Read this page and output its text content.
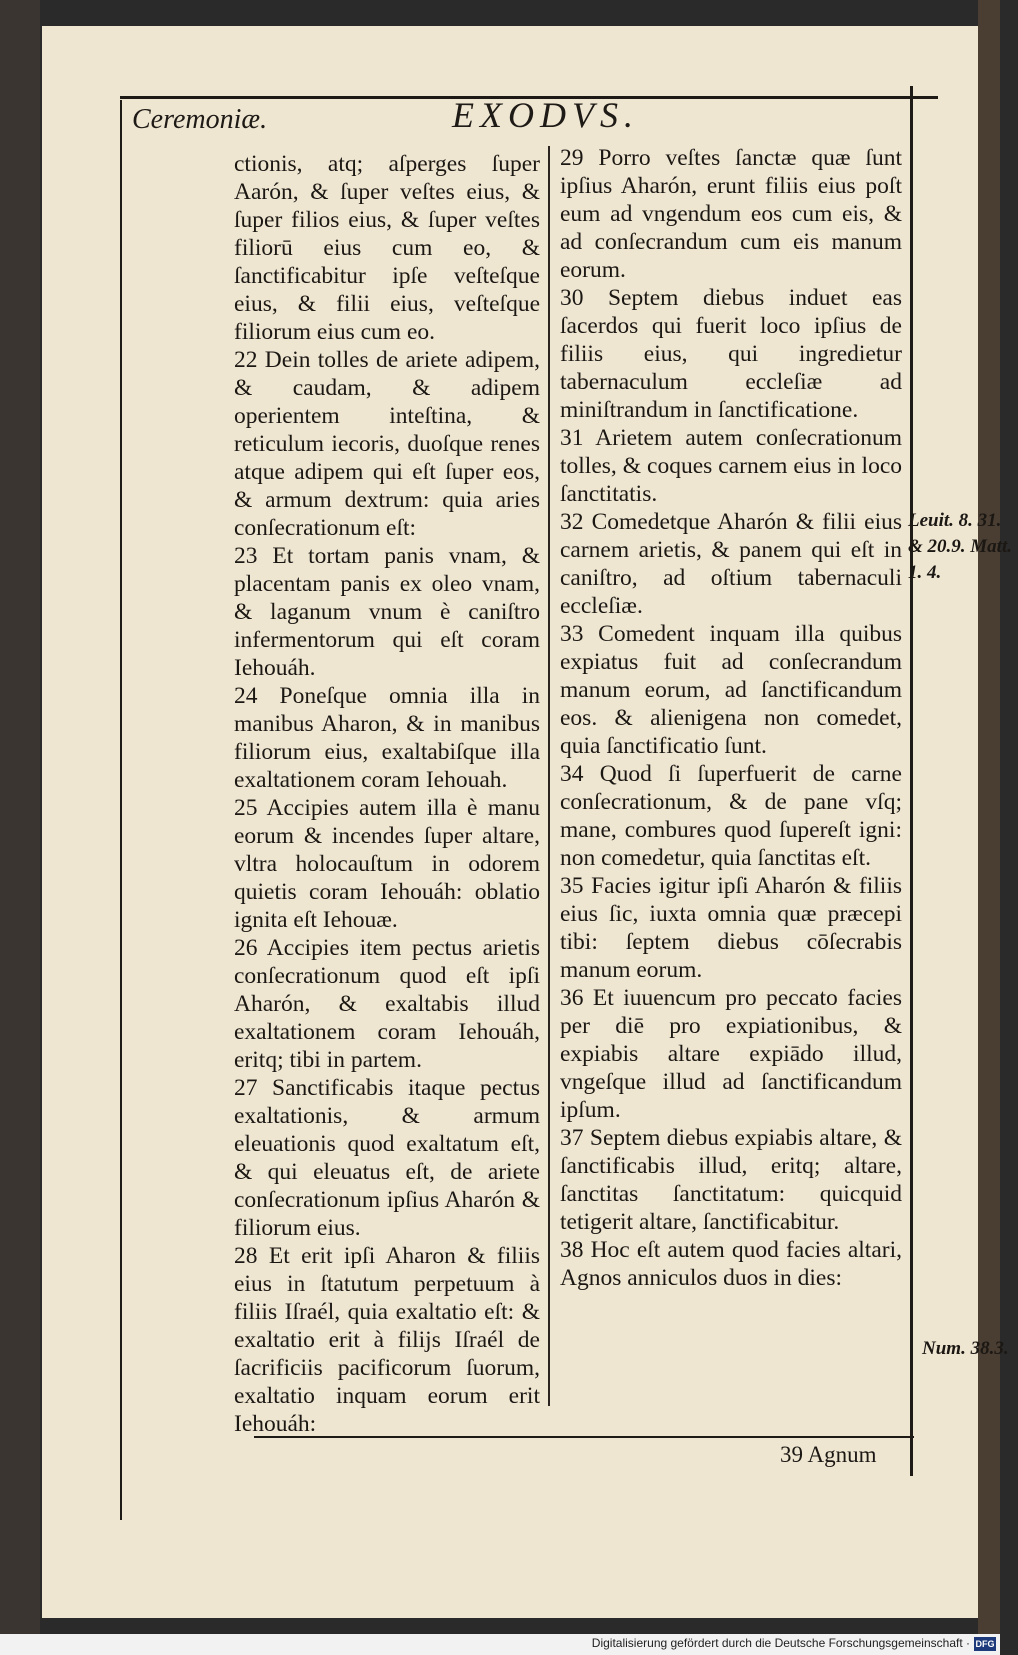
Ceremoniæ.	EXODVS.

ctionis, atq; aſperges ſuper Aarón, & ſuper veſtes eius, & ſuper filios eius, & ſuper veſtes filiorū eius cum eo, & ſanctificabitur ipſe veſteſque eius, & filii eius, veſteſque filiorum eius cum eo.

22 Dein tolles de ariete adipem, & caudam, & adipem operientem inteſtina, & reticulum iecoris, duoſque renes atque adipem qui eſt ſuper eos, & armum dextrum: quia aries conſecrationum eſt:

23 Et tortam panis vnam, & placentam panis ex oleo vnam, & laganum vnum è caniſtro infermentorum qui eſt coram Iehouáh.

24 Poneſque omnia illa in manibus Aharon, & in manibus filiorum eius, exaltabiſque illa exaltationem coram Iehouah.

25 Accipies autem illa è manu eorum & incendes ſuper altare, vltra holocauſtum in odorem quietis coram Iehouáh: oblatio ignita eſt Iehouæ.

26 Accipies item pectus arietis conſecrationum quod eſt ipſi Aharón, & exaltabis illud exaltationem coram Iehouáh, eritq; tibi in partem.

27 Sanctificabis itaque pectus exaltationis, & armum eleuationis quod exaltatum eſt, & qui eleuatus eſt, de ariete conſecrationum ipſius Aharón & filiorum eius.

28 Et erit ipſi Aharon & filiis eius in ſtatutum perpetuum à filiis Iſraél, quia exaltatio eſt: & exaltatio erit à filijs Iſraél de ſacrificiis pacificorum ſuorum, exaltatio inquam eorum erit Iehouáh:

29 Porro veſtes ſanctæ quæ ſunt ipſius Aharón, erunt filiis eius poſt eum ad vngendum eos cum eis, & ad conſecrandum cum eis manum eorum.

30 Septem diebus induet eas ſacerdos qui fuerit loco ipſius de filiis eius, qui ingredietur tabernaculum eccleſiæ ad miniſtrandum in ſanctificatione.

31 Arietem autem conſecrationum tolles, & coques carnem eius in loco ſanctitatis.

32 Comedetque Aharón & filii eius carnem arietis, & panem qui eſt in caniſtro, ad oſtium tabernaculi eccleſiæ.

33 Comedent inquam illa quibus expiatus fuit ad conſecrandum manum eorum, ad ſanctificandum eos. & alienigena non comedet, quia ſanctificatio ſunt.

34 Quod ſi ſuperfuerit de carne conſecrationum, & de pane vſq; mane, combures quod ſupereſt igni: non comedetur, quia ſanctitas eſt.

35 Facies igitur ipſi Aharón & filiis eius ſic, iuxta omnia quæ præcepi tibi: ſeptem diebus cōſecrabis manum eorum.

36 Et iuuencum pro peccato facies per diē pro expiationibus, & expiabis altare expiādo illud, vngeſque illud ad ſanctificandum ipſum.

37 Septem diebus expiabis altare, & ſanctificabis illud, eritq; altare, ſanctitas ſanctitatum: quicquid tetigerit altare, ſanctificabitur.

38 Hoc eſt autem quod facies altari, Agnos anniculos duos in dies:

Leuit. 8. 31. & 20.9. Matt. 1. 4.
Num. 38.3.
39 Agnum
Digitalisierung gefördert durch die Deutsche Forschungsgemeinschaft · DFG
